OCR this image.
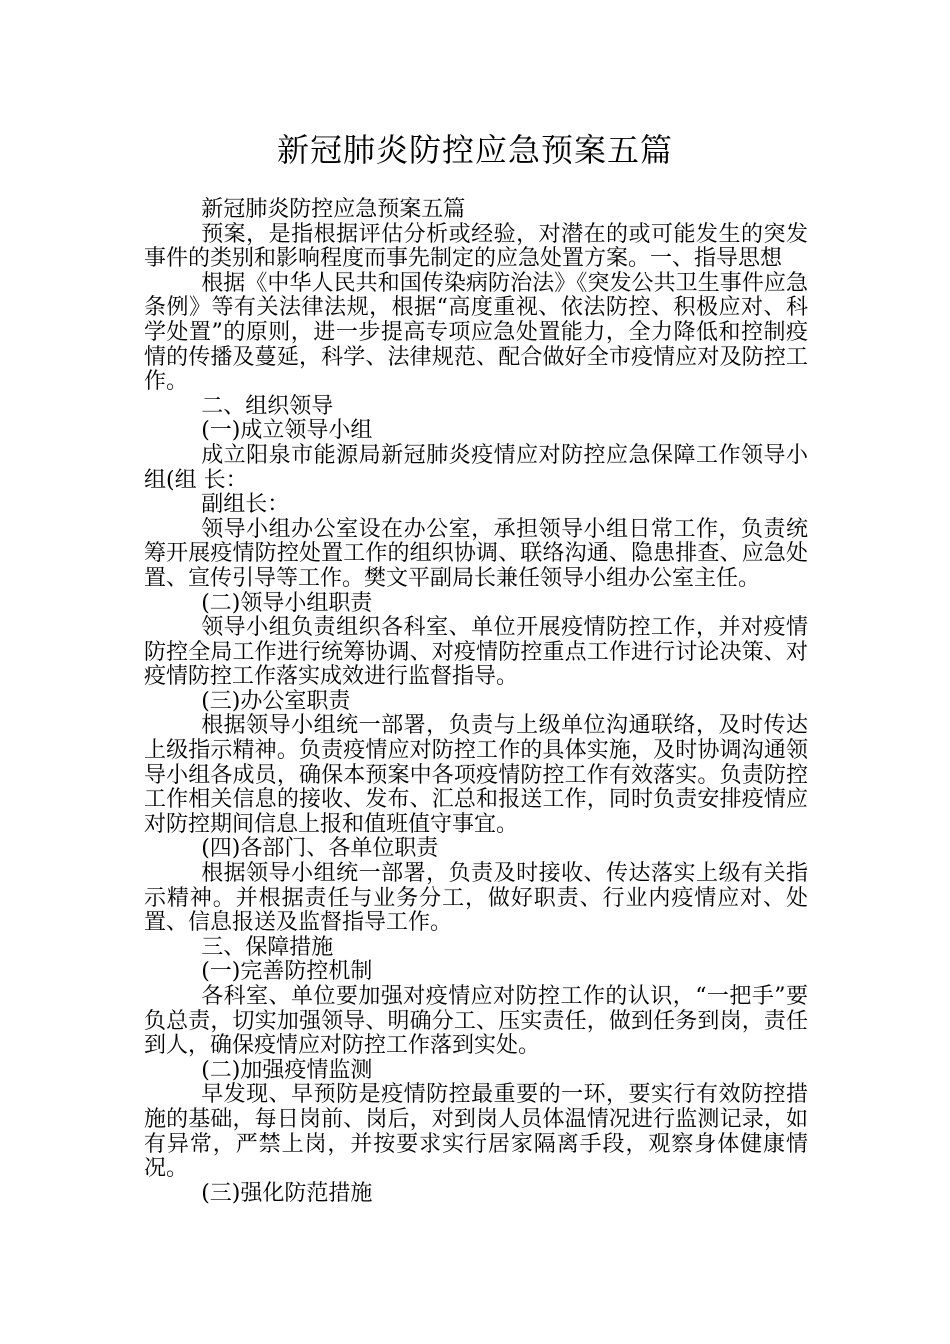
新冠肺炎防控应急预案五篇

新冠肺炎防控应急预案五篇

预案，是指根据评估分析或经验，对潜在的或可能发生的突发事件的类别和影响程度而事先制定的应急处置方案。一、指导思想

根据《中华人民共和国传染病防治法》《突发公共卫生事件应急条例》等有关法律法规，根据“高度重视、依法防控、积极应对、科学处置”的原则，进一步提高专项应急处置能力，全力降低和控制疫情的传播及蔓延，科学、法律规范、配合做好全市疫情应对及防控工作。

二、组织领导

(一)成立领导小组

成立阳泉市能源局新冠肺炎疫情应对防控应急保障工作领导小组(组 长：

副组长：

领导小组办公室设在办公室，承担领导小组日常工作，负责统筹开展疫情防控处置工作的组织协调、联络沟通、隐患排查、应急处置、宣传引导等工作。樊文平副局长兼任领导小组办公室主任。

(二)领导小组职责

领导小组负责组织各科室、单位开展疫情防控工作，并对疫情防控全局工作进行统筹协调、对疫情防控重点工作进行讨论决策、对疫情防控工作落实成效进行监督指导。

(三)办公室职责

根据领导小组统一部署，负责与上级单位沟通联络，及时传达上级指示精神。负责疫情应对防控工作的具体实施，及时协调沟通领导小组各成员，确保本预案中各项疫情防控工作有效落实。负责防控工作相关信息的接收、发布、汇总和报送工作，同时负责安排疫情应对防控期间信息上报和值班值守事宜。

(四)各部门、各单位职责

根据领导小组统一部署，负责及时接收、传达落实上级有关指示精神。并根据责任与业务分工，做好职责、行业内疫情应对、处置、信息报送及监督指导工作。

三、保障措施

(一)完善防控机制

各科室、单位要加强对疫情应对防控工作的认识，“一把手”要负总责，切实加强领导、明确分工、压实责任，做到任务到岗，责任到人，确保疫情应对防控工作落到实处。

(二)加强疫情监测

早发现、早预防是疫情防控最重要的一环，要实行有效防控措施的基础，每日岗前、岗后，对到岗人员体温情况进行监测记录，如有异常，严禁上岗，并按要求实行居家隔离手段，观察身体健康情况。

(三)强化防范措施
